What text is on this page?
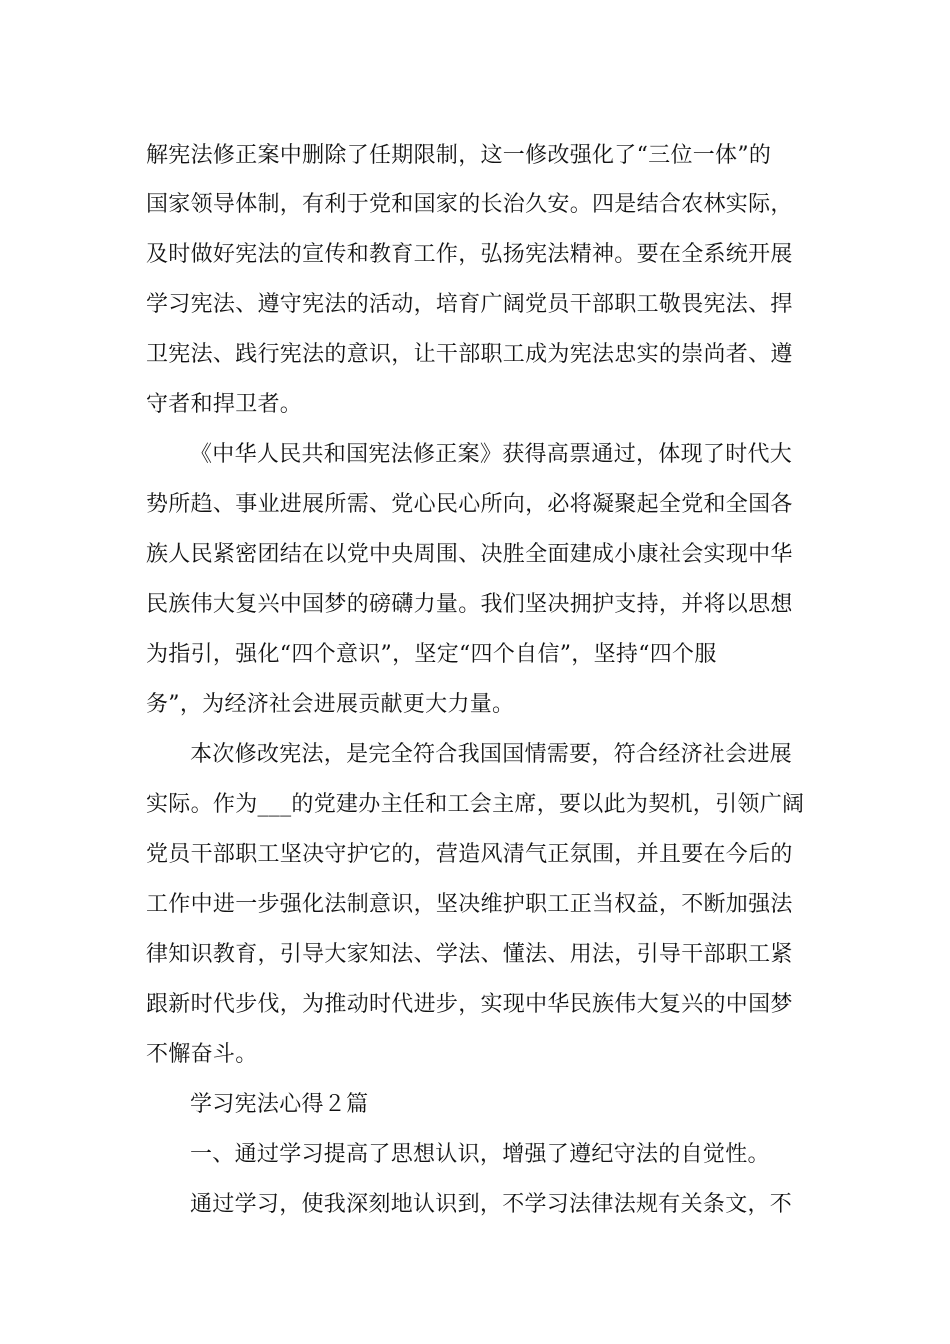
解宪法修正案中删除了任期限制，这一修改强化了“三位一体”的
国家领导体制，有利于党和国家的长治久安。四是结合农林实际，
及时做好宪法的宣传和教育工作，弘扬宪法精神。要在全系统开展
学习宪法、遵守宪法的活动，培育广阔党员干部职工敬畏宪法、捍
卫宪法、践行宪法的意识，让干部职工成为宪法忠实的崇尚者、遵
守者和捍卫者。
《中华人民共和国宪法修正案》获得高票通过，体现了时代大
势所趋、事业进展所需、党心民心所向，必将凝聚起全党和全国各
族人民紧密团结在以党中央周围、决胜全面建成小康社会实现中华
民族伟大复兴中国梦的磅礴力量。我们坚决拥护支持，并将以思想
为指引，强化“四个意识”，坚定“四个自信”，坚持“四个服
务”，为经济社会进展贡献更大力量。
本次修改宪法，是完全符合我国国情需要，符合经济社会进展
实际。作为___的党建办主任和工会主席，要以此为契机，引领广阔
党员干部职工坚决守护它的，营造风清气正氛围，并且要在今后的
工作中进一步强化法制意识，坚决维护职工正当权益，不断加强法
律知识教育，引导大家知法、学法、懂法、用法，引导干部职工紧
跟新时代步伐，为推动时代进步，实现中华民族伟大复兴的中国梦
不懈奋斗。
学习宪法心得２篇
一、通过学习提高了思想认识，增强了遵纪守法的自觉性。
通过学习，使我深刻地认识到，不学习法律法规有关条文，不
